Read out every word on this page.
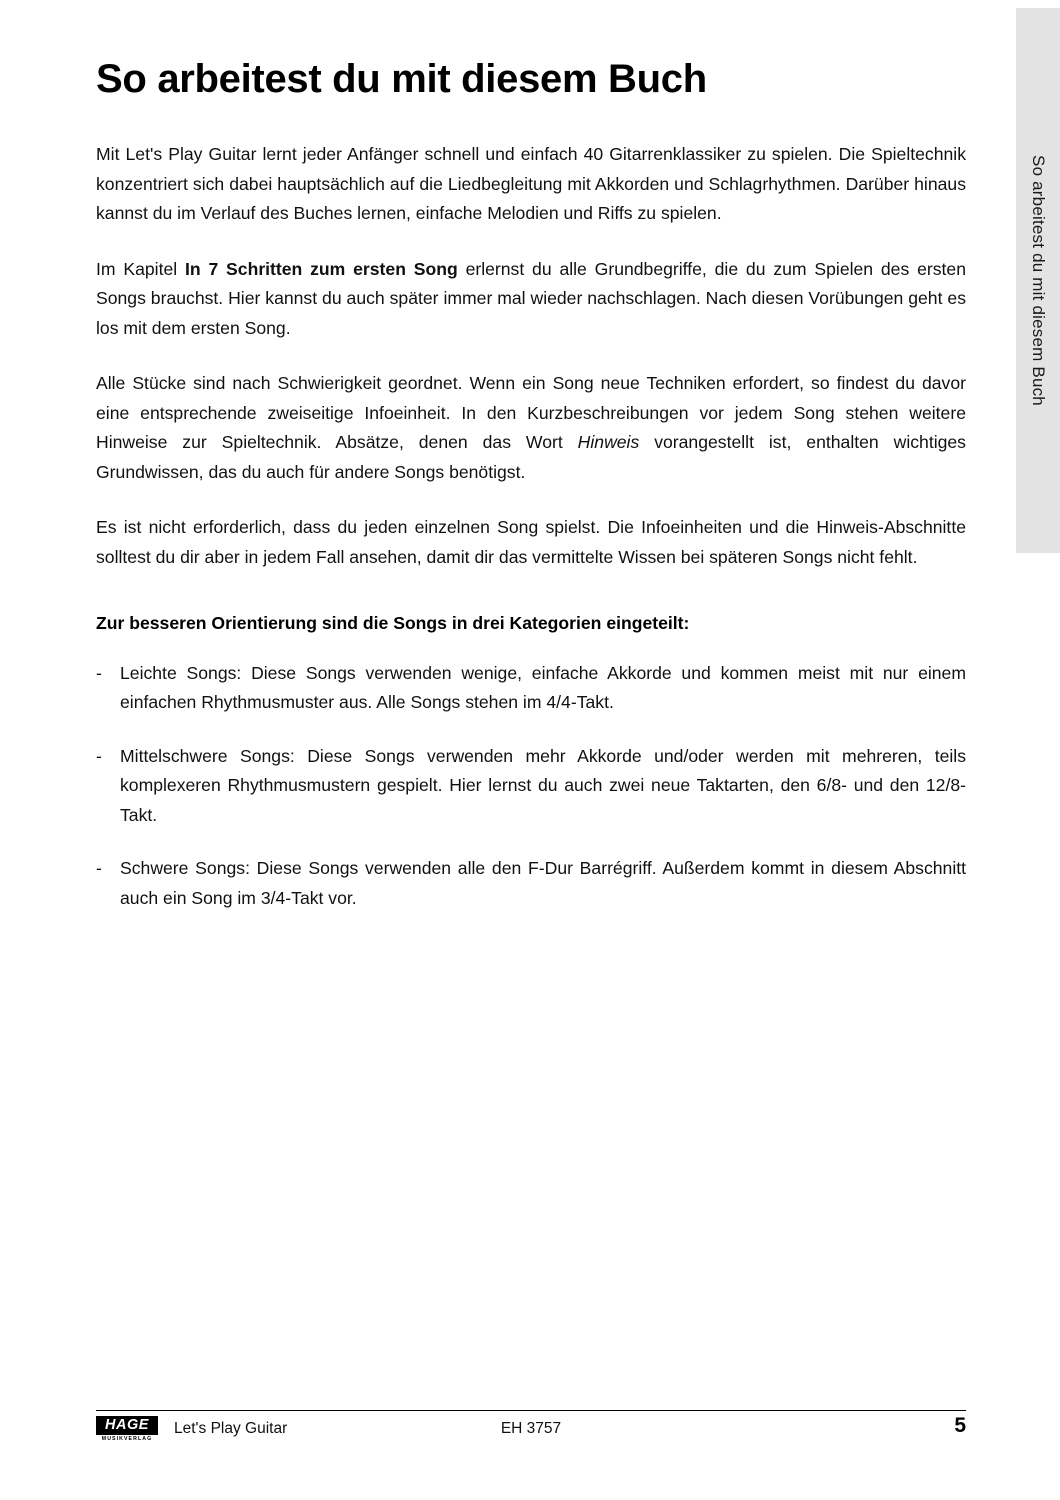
So arbeitest du mit diesem Buch
So arbeitest du mit diesem Buch

Mit Let's Play Guitar lernt jeder Anfänger schnell und einfach 40 Gitarrenklassiker zu spielen. Die Spieltechnik konzentriert sich dabei hauptsächlich auf die Liedbegleitung mit Akkorden und Schlagrhythmen. Darüber hinaus kannst du im Verlauf des Buches lernen, einfache Melodien und Riffs zu spielen.

Im Kapitel In 7 Schritten zum ersten Song erlernst du alle Grundbegriffe, die du zum Spielen des ersten Songs brauchst. Hier kannst du auch später immer mal wieder nachschlagen. Nach diesen Vorübungen geht es los mit dem ersten Song.

Alle Stücke sind nach Schwierigkeit geordnet. Wenn ein Song neue Techniken erfordert, so findest du davor eine entsprechende zweiseitige Infoeinheit. In den Kurzbeschreibungen vor jedem Song stehen weitere Hinweise zur Spieltechnik. Absätze, denen das Wort Hinweis vorangestellt ist, enthalten wichtiges Grundwissen, das du auch für andere Songs benötigst.

Es ist nicht erforderlich, dass du jeden einzelnen Song spielst. Die Infoeinheiten und die Hinweis-Abschnitte solltest du dir aber in jedem Fall ansehen, damit dir das vermittelte Wissen bei späteren Songs nicht fehlt.

Zur besseren Orientierung sind die Songs in drei Kategorien eingeteilt:
- Leichte Songs: Diese Songs verwenden wenige, einfache Akkorde und kommen meist mit nur einem einfachen Rhythmusmuster aus. Alle Songs stehen im 4/4-Takt.
- Mittelschwere Songs: Diese Songs verwenden mehr Akkorde und/oder werden mit mehreren, teils komplexeren Rhythmusmustern gespielt. Hier lernst du auch zwei neue Taktarten, den 6/8- und den 12/8-Takt.
- Schwere Songs: Diese Songs verwenden alle den F-Dur Barrégriff. Außerdem kommt in diesem Abschnitt auch ein Song im 3/4-Takt vor.
HAGE
MUSIKVERLAG
Let's Play Guitar	EH 3757	5
